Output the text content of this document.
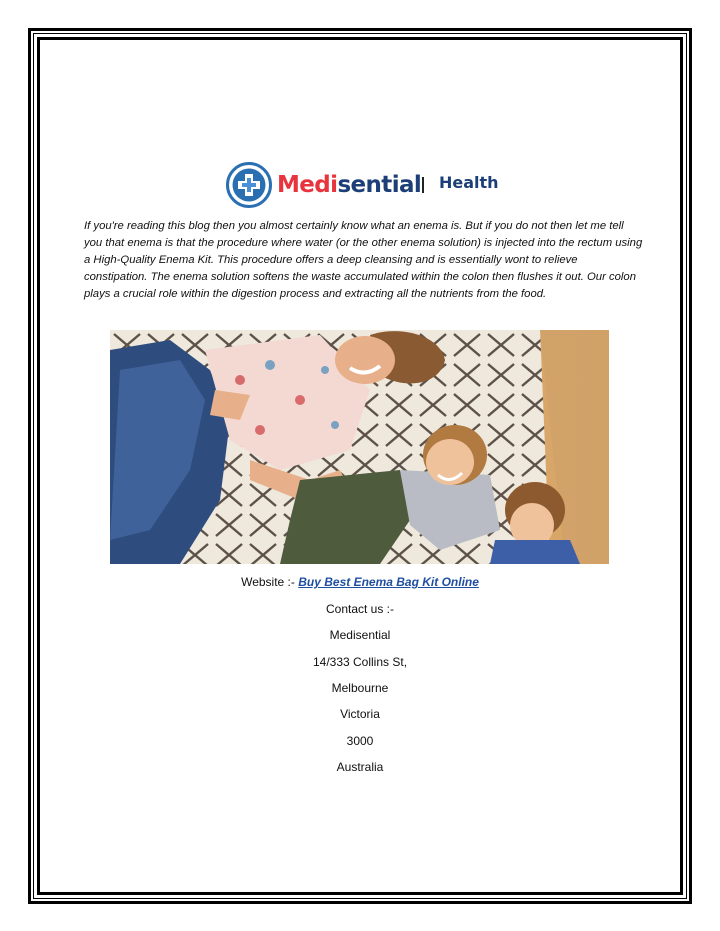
Medisential Health

If you're reading this blog then you almost certainly know what an enema is. But if you do not then let me tell you that enema is that the procedure where water (or the other enema solution) is injected into the rectum using a High-Quality Enema Kit. This procedure offers a deep cleansing and is essentially wont to relieve constipation. The enema solution softens the waste accumulated within the colon then flushes it out. Our colon plays a crucial role within the digestion process and extracting all the nutrients from the food.

Website :- Buy Best Enema Bag Kit Online
Contact us :-
Medisential
14/333 Collins St,
Melbourne
Victoria
3000
Australia
